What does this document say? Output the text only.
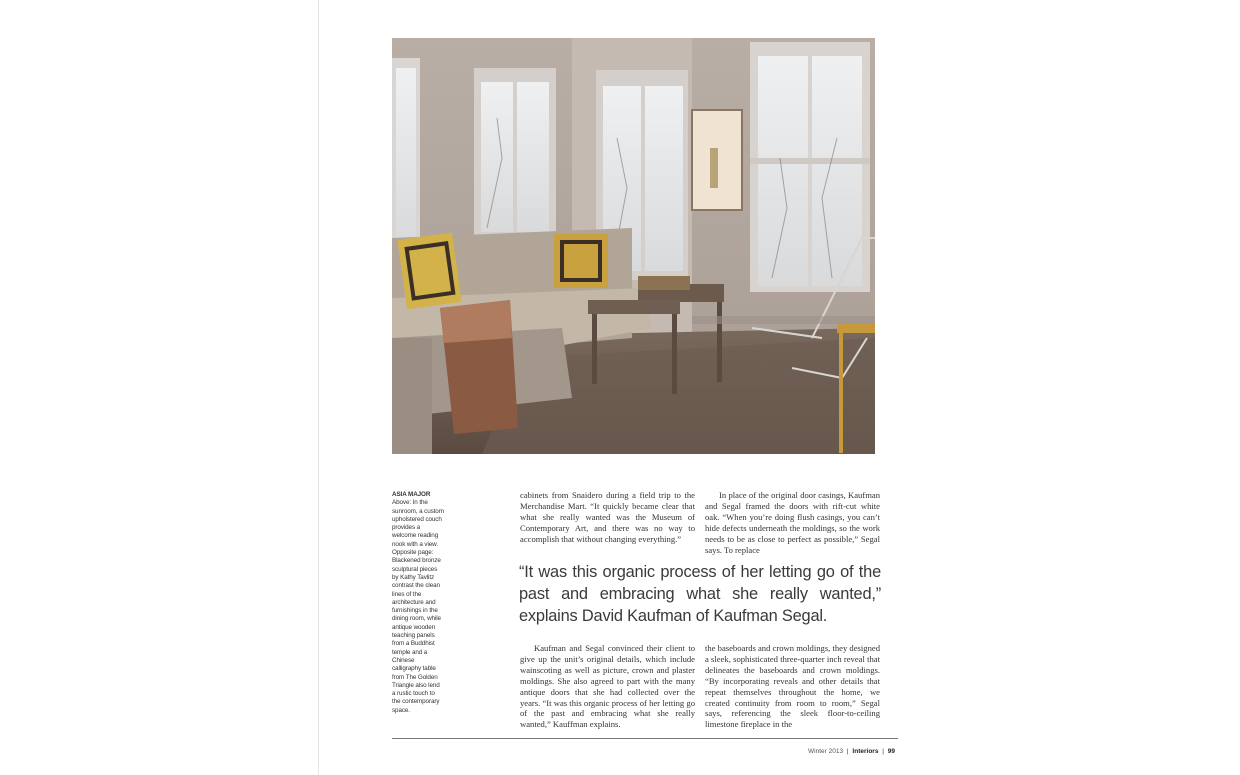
ASIA MAJOR
Above: In the sunroom, a custom upholstered couch provides a welcome reading nook with a view. Opposite page: Blackened bronze sculptural pieces by Kathy Tavlitz contrast the clean lines of the architecture and furnishings in the dining room, while antique wooden teaching panels from a Buddhist temple and a Chinese calligraphy table from The Golden Triangle also lend a rustic touch to the contemporary space.

cabinets from Snaidero during a field trip to the Merchandise Mart. “It quickly became clear that what she really wanted was the Museum of Contemporary Art, and there was no way to accomplish that without changing everything.”

In place of the original door casings, Kaufman and Segal framed the doors with rift-cut white oak. “When you’re doing flush casings, you can’t hide defects underneath the moldings, so the work needs to be as close to perfect as possible,” Segal says. To replace

“It was this organic process of her letting go of the past and embracing what she really wanted,” explains David Kaufman of Kaufman Segal.

Kaufman and Segal convinced their client to give up the unit’s original details, which include wainscoting as well as picture, crown and plaster moldings. She also agreed to part with the many antique doors that she had collected over the years. “It was this organic process of her letting go of the past and embracing what she really wanted,” Kauffman explains.

the baseboards and crown moldings, they designed a sleek, sophisticated three-quarter inch reveal that delineates the baseboards and crown moldings. “By incorporating reveals and other details that repeat themselves throughout the home, we created continuity from room to room,” Segal says, referencing the sleek floor-to-ceiling limestone fireplace in the

Winter 2013 | Interiors | 99
